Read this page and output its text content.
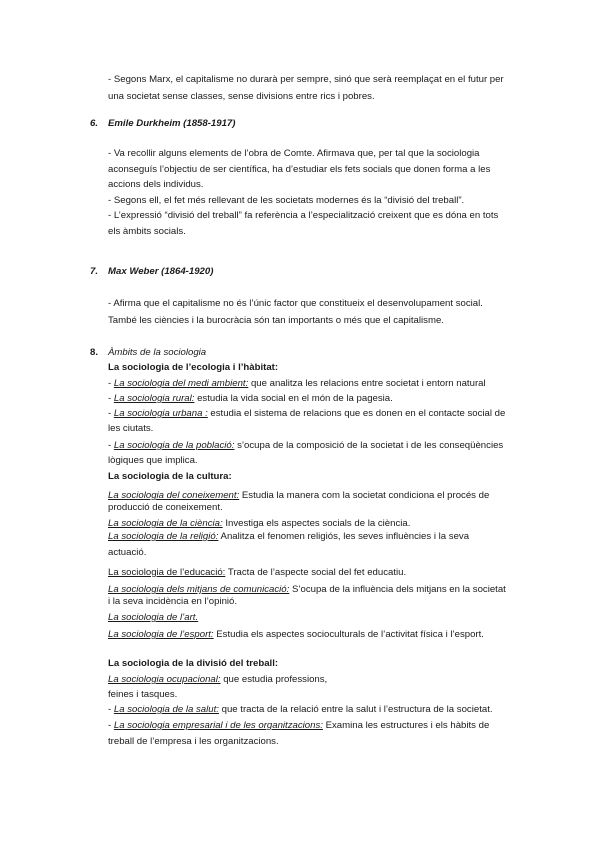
- Segons Marx, el capitalisme no durarà per sempre, sinó que serà reemplaçat en el futur per
una societat sense classes, sense divisions entre rics i pobres.
6. Emile Durkheim (1858-1917)
- Va recollir alguns elements de l’obra de Comte. Afirmava que, per tal que la sociologia
aconseguís l’objectiu de ser científica, ha d’estudiar els fets socials que donen forma a les
accions dels individus.
- Segons ell, el fet més rellevant de les societats modernes és la “divisió del treball”.
- L’expressió “divisió del treball” fa referència a l’especialització creixent que es dóna en tots
els àmbits socials.
7. Max Weber (1864-1920)
- Afirma que el capitalisme no és l’únic factor que constitueix el desenvolupament social.
També les ciències i la burocràcia són tan importants o més que el capitalisme.
8. Àmbits de la sociologia
La sociologia de l’ecologia i l’hàbitat:
- La sociologia del medi ambient: que analitza les relacions entre societat i entorn natural
- La sociologia rural: estudia la vida social en el món de la pagesia.
- La sociologia urbana : estudia el sistema de relacions que es donen en el contacte social de
les ciutats.
- La sociologia de la població: s’ocupa de la composició de la societat i de les conseqüències
lògiques que implica.
La sociologia de la cultura:
La sociologia del coneixement: Estudia la manera com la societat condiciona el procés de
producció de coneixement.
La sociologia de la ciència: Investiga els aspectes socials de la ciència.
La sociologia de la religió: Analitza el fenomen religiós, les seves influències i la seva
actuació.
La sociologia de l’educació: Tracta de l’aspecte social del fet educatiu.
La sociologia dels mitjans de comunicació: S’ocupa de la influència dels mitjans en la societat
i la seva incidència en l’opinió.
La sociologia de l’art.
La sociologia de l’esport: Estudia els aspectes socioculturals de l’activitat física i l’esport.
La sociologia de la divisió del treball:
La sociologia ocupacional: que estudia professions,
feines i tasques.
- La sociologia de la salut: que tracta de la relació entre la salut i l’estructura de la societat.
- La sociologia empresarial i de les organitzacions: Examina les estructures i els hàbits de
treball de l’empresa i les organitzacions.
